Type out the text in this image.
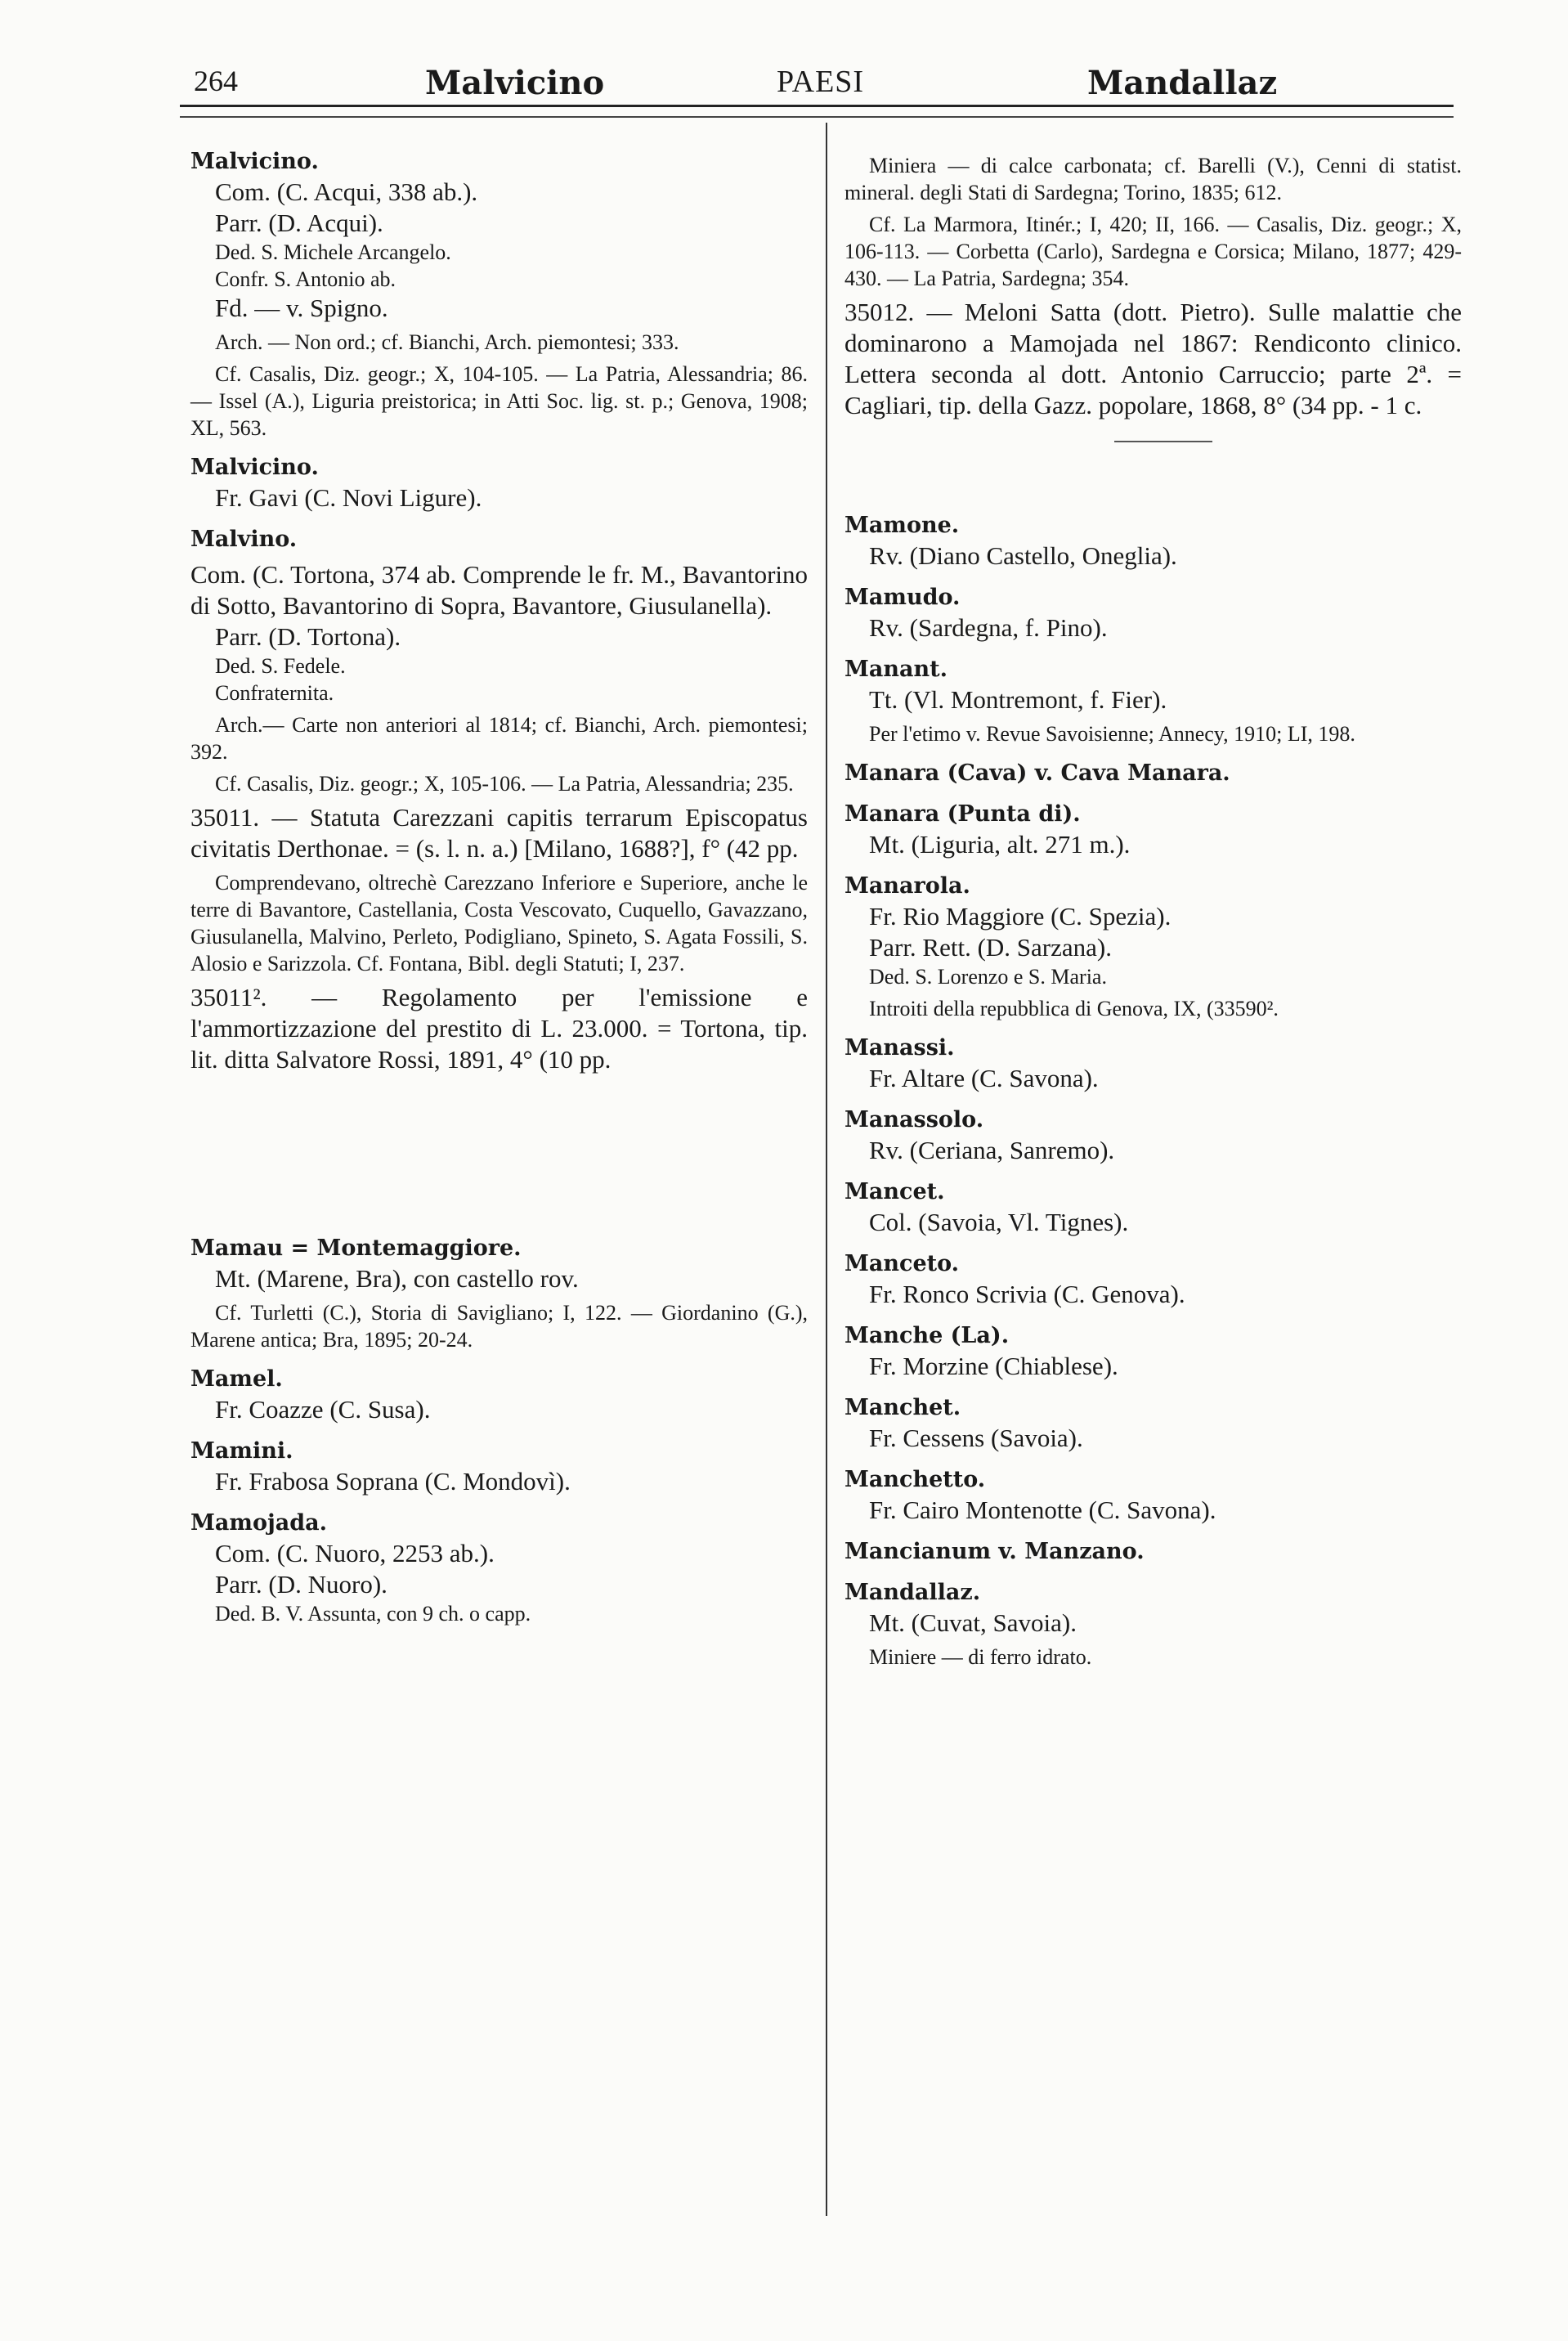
264	Malvicino	PAESI	Mandallaz
Malvicino.
Com. (C. Acqui, 338 ab.).
Parr. (D. Acqui).
Ded. S. Michele Arcangelo.
Confr. S. Antonio ab.
Fd. — v. Spigno.
Arch. — Non ord.; cf. Bianchi, Arch. piemontesi; 333.
Cf. Casalis, Diz. geogr.; X, 104-105. — La Patria, Alessandria; 86. — Issel (A.), Liguria preistorica; in Atti Soc. lig. st. p.; Genova, 1908; XL, 563.
Malvicino.
Fr. Gavi (C. Novi Ligure).
Malvino.
Com. (C. Tortona, 374 ab. Comprende le fr. M., Bavantorino di Sotto, Bavantorino di Sopra, Bavantore, Giusulanella).
Parr. (D. Tortona).
Ded. S. Fedele.
Confraternita.
Arch.— Carte non anteriori al 1814; cf. Bianchi, Arch. piemontesi; 392.
Cf. Casalis, Diz. geogr.; X, 105-106. — La Patria, Alessandria; 235.
35011. — Statuta Carezzani capitis terrarum Episcopatus civitatis Derthonae. = (s. l. n. a.) [Milano, 1688?], f° (42 pp.
Comprendevano, oltrechè Carezzano Inferiore e Superiore, anche le terre di Bavantore, Castellania, Costa Vescovato, Cuquello, Gavazzano, Giusulanella, Malvino, Perleto, Podigliano, Spineto, S. Agata Fossili, S. Alosio e Sarizzola. Cf. Fontana, Bibl. degli Statuti; I, 237.
35011². — Regolamento per l'emissione e l'ammortizzazione del prestito di L. 23.000. = Tortona, tip. lit. ditta Salvatore Rossi, 1891, 4° (10 pp.
Mamau = Montemaggiore.
Mt. (Marene, Bra), con castello rov.
Cf. Turletti (C.), Storia di Savigliano; I, 122. — Giordanino (G.), Marene antica; Bra, 1895; 20-24.
Mamel.
Fr. Coazze (C. Susa).
Mamini.
Fr. Frabosa Soprana (C. Mondovì).
Mamojada.
Com. (C. Nuoro, 2253 ab.).
Parr. (D. Nuoro).
Ded. B. V. Assunta, con 9 ch. o capp.
Miniera — di calce carbonata; cf. Barelli (V.), Cenni di statist. mineral. degli Stati di Sardegna; Torino, 1835; 612.
Cf. La Marmora, Itinér.; I, 420; II, 166. — Casalis, Diz. geogr.; X, 106-113. — Corbetta (Carlo), Sardegna e Corsica; Milano, 1877; 429-430. — La Patria, Sardegna; 354.
35012. — Meloni Satta (dott. Pietro). Sulle malattie che dominarono a Mamojada nel 1867: Rendiconto clinico. Lettera seconda al dott. Antonio Carruccio; parte 2ª. = Cagliari, tip. della Gazz. popolare, 1868, 8° (34 pp. - 1 c.
Mamone.
Rv. (Diano Castello, Oneglia).
Mamudo.
Rv. (Sardegna, f. Pino).
Manant.
Tt. (Vl. Montremont, f. Fier).
Per l'etimo v. Revue Savoisienne; Annecy, 1910; LI, 198.
Manara (Cava) v. Cava Manara.
Manara (Punta di).
Mt. (Liguria, alt. 271 m.).
Manarola.
Fr. Rio Maggiore (C. Spezia).
Parr. Rett. (D. Sarzana).
Ded. S. Lorenzo e S. Maria.
Introiti della repubblica di Genova, IX, (33590².
Manassi.
Fr. Altare (C. Savona).
Manassolo.
Rv. (Ceriana, Sanremo).
Mancet.
Col. (Savoia, Vl. Tignes).
Manceto.
Fr. Ronco Scrivia (C. Genova).
Manche (La).
Fr. Morzine (Chiablese).
Manchet.
Fr. Cessens (Savoia).
Manchetto.
Fr. Cairo Montenotte (C. Savona).
Mancianum v. Manzano.
Mandallaz.
Mt. (Cuvat, Savoia).
Miniere — di ferro idrato.
